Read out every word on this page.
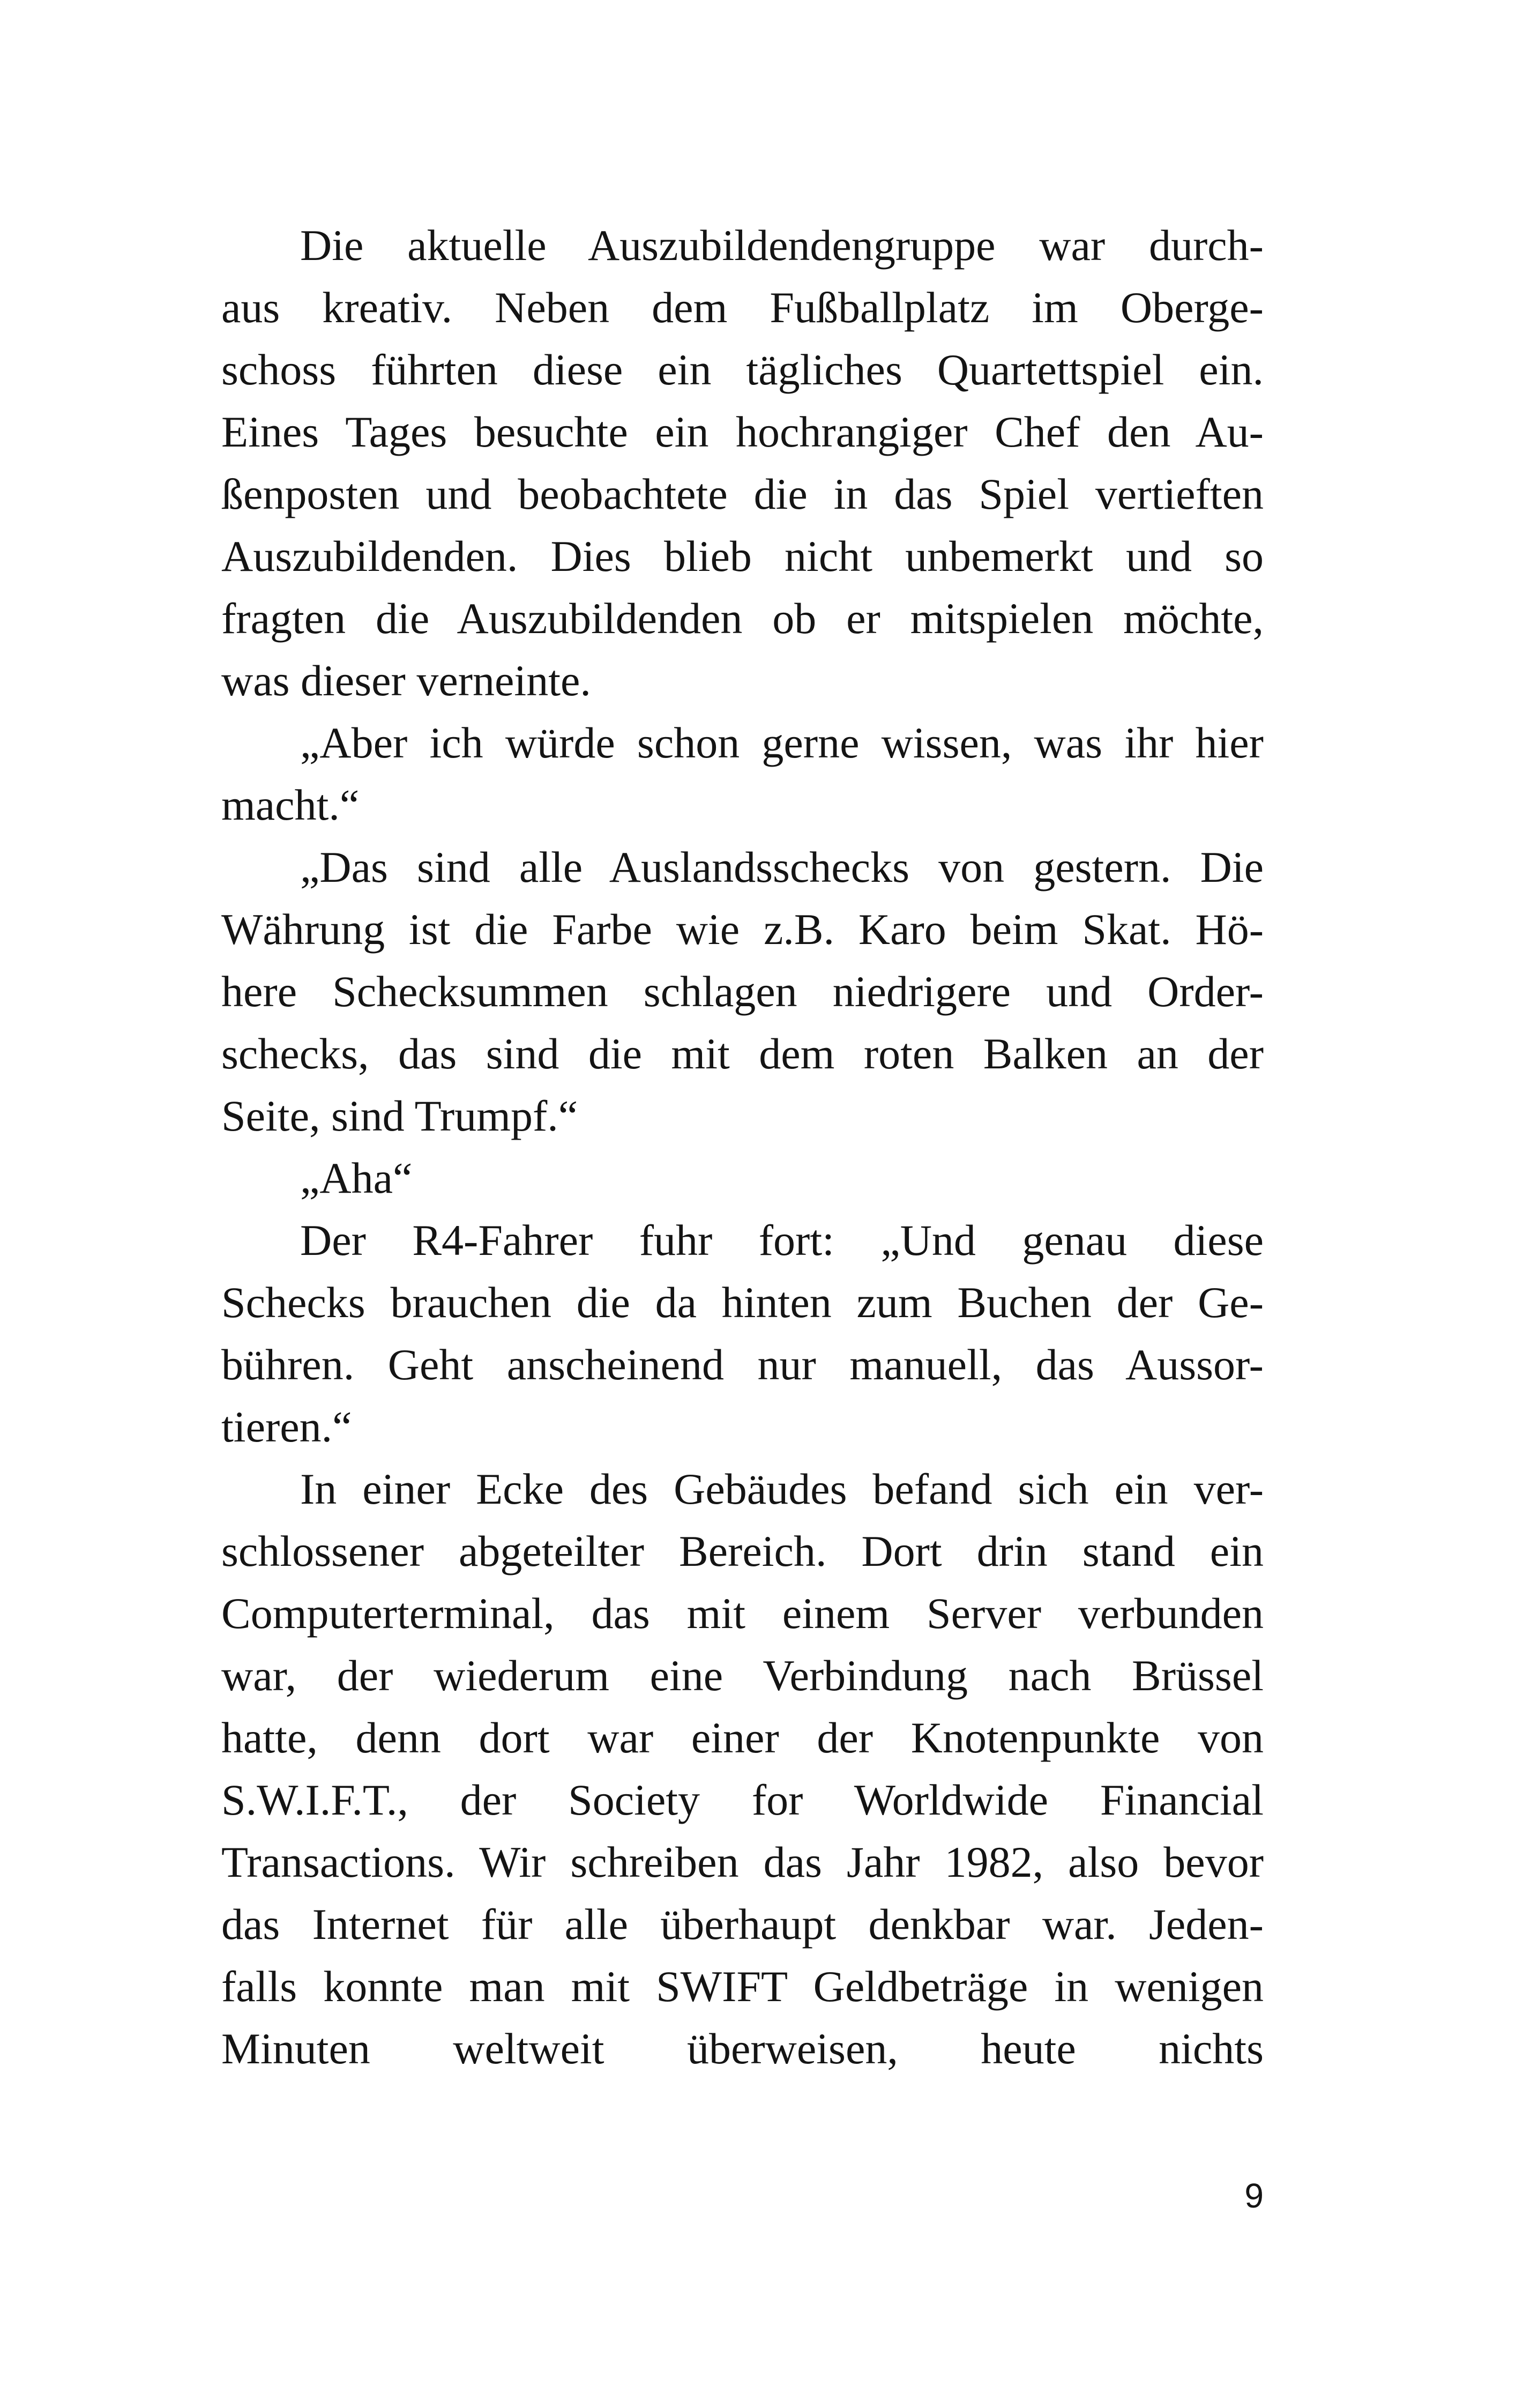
Die aktuelle Auszubildendengruppe war durch-
aus kreativ. Neben dem Fußballplatz im Oberge-
schoss führten diese ein tägliches Quartettspiel ein.
Eines Tages besuchte ein hochrangiger Chef den Au-
ßenposten und beobachtete die in das Spiel vertieften
Auszubildenden. Dies blieb nicht unbemerkt und so
fragten die Auszubildenden ob er mitspielen möchte,
was dieser verneinte.
„Aber ich würde schon gerne wissen, was ihr hier
macht.“
„Das sind alle Auslandsschecks von gestern. Die
Währung ist die Farbe wie z.B. Karo beim Skat. Hö-
here Schecksummen schlagen niedrigere und Order-
schecks, das sind die mit dem roten Balken an der
Seite, sind Trumpf.“
„Aha“
Der R4-Fahrer fuhr fort: „Und genau diese
Schecks brauchen die da hinten zum Buchen der Ge-
bühren. Geht anscheinend nur manuell, das Aussor-
tieren.“
In einer Ecke des Gebäudes befand sich ein ver-
schlossener abgeteilter Bereich. Dort drin stand ein
Computerterminal, das mit einem Server verbunden
war, der wiederum eine Verbindung nach Brüssel
hatte, denn dort war einer der Knotenpunkte von
S.W.I.F.T., der Society for Worldwide Financial
Transactions. Wir schreiben das Jahr 1982, also bevor
das Internet für alle überhaupt denkbar war. Jeden-
falls konnte man mit SWIFT Geldbeträge in wenigen
Minuten weltweit überweisen, heute nichts
9
